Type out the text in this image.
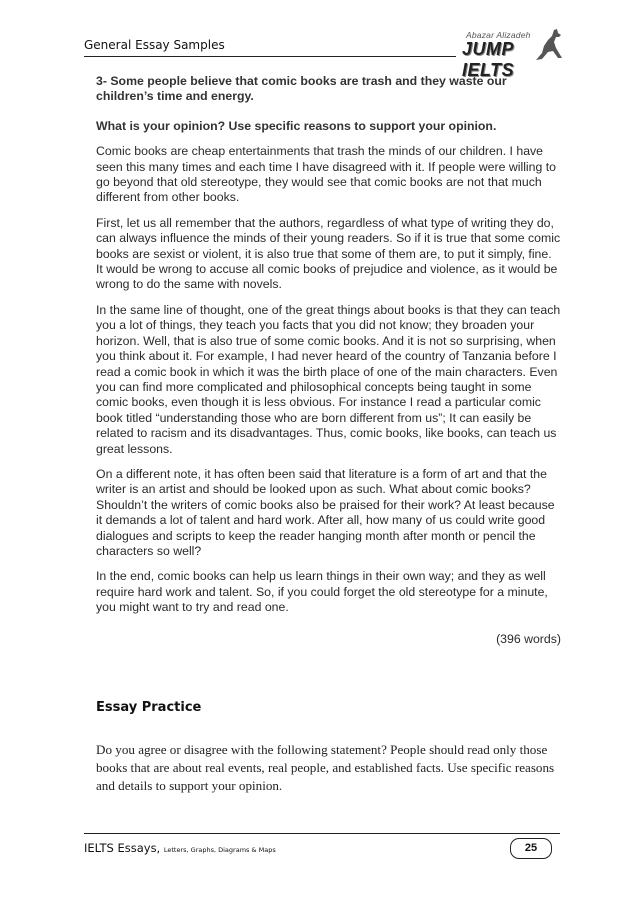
General Essay Samples
Abazar Alizadeh
JUMP IELTS

3- Some people believe that comic books are trash and they waste our children’s time and energy.

What is your opinion? Use specific reasons to support your opinion.

Comic books are cheap entertainments that trash the minds of our children. I have seen this many times and each time I have disagreed with it. If people were willing to go beyond that old stereotype, they would see that comic books are not that much different from other books.

First, let us all remember that the authors, regardless of what type of writing they do, can always influence the minds of their young readers. So if it is true that some comic books are sexist or violent, it is also true that some of them are, to put it simply, fine. It would be wrong to accuse all comic books of prejudice and violence, as it would be wrong to do the same with novels.

In the same line of thought, one of the great things about books is that they can teach you a lot of things, they teach you facts that you did not know; they broaden your horizon. Well, that is also true of some comic books. And it is not so surprising, when you think about it. For example, I had never heard of the country of Tanzania before I read a comic book in which it was the birth place of one of the main characters. Even you can find more complicated and philosophical concepts being taught in some comic books, even though it is less obvious. For instance I read a particular comic book titled “understanding those who are born different from us”; It can easily be related to racism and its disadvantages. Thus, comic books, like books, can teach us great lessons.

On a different note, it has often been said that literature is a form of art and that the writer is an artist and should be looked upon as such. What about comic books? Shouldn’t the writers of comic books also be praised for their work? At least because it demands a lot of talent and hard work. After all, how many of us could write good dialogues and scripts to keep the reader hanging month after month or pencil the characters so well?

In the end, comic books can help us learn things in their own way; and they as well require hard work and talent. So, if you could forget the old stereotype for a minute, you might want to try and read one.

(396 words)

Essay Practice
Do you agree or disagree with the following statement? People should read only those books that are about real events, real people, and established facts. Use specific reasons and details to support your opinion.
IELTS Essays, Letters, Graphs, Diagrams & Maps	25
